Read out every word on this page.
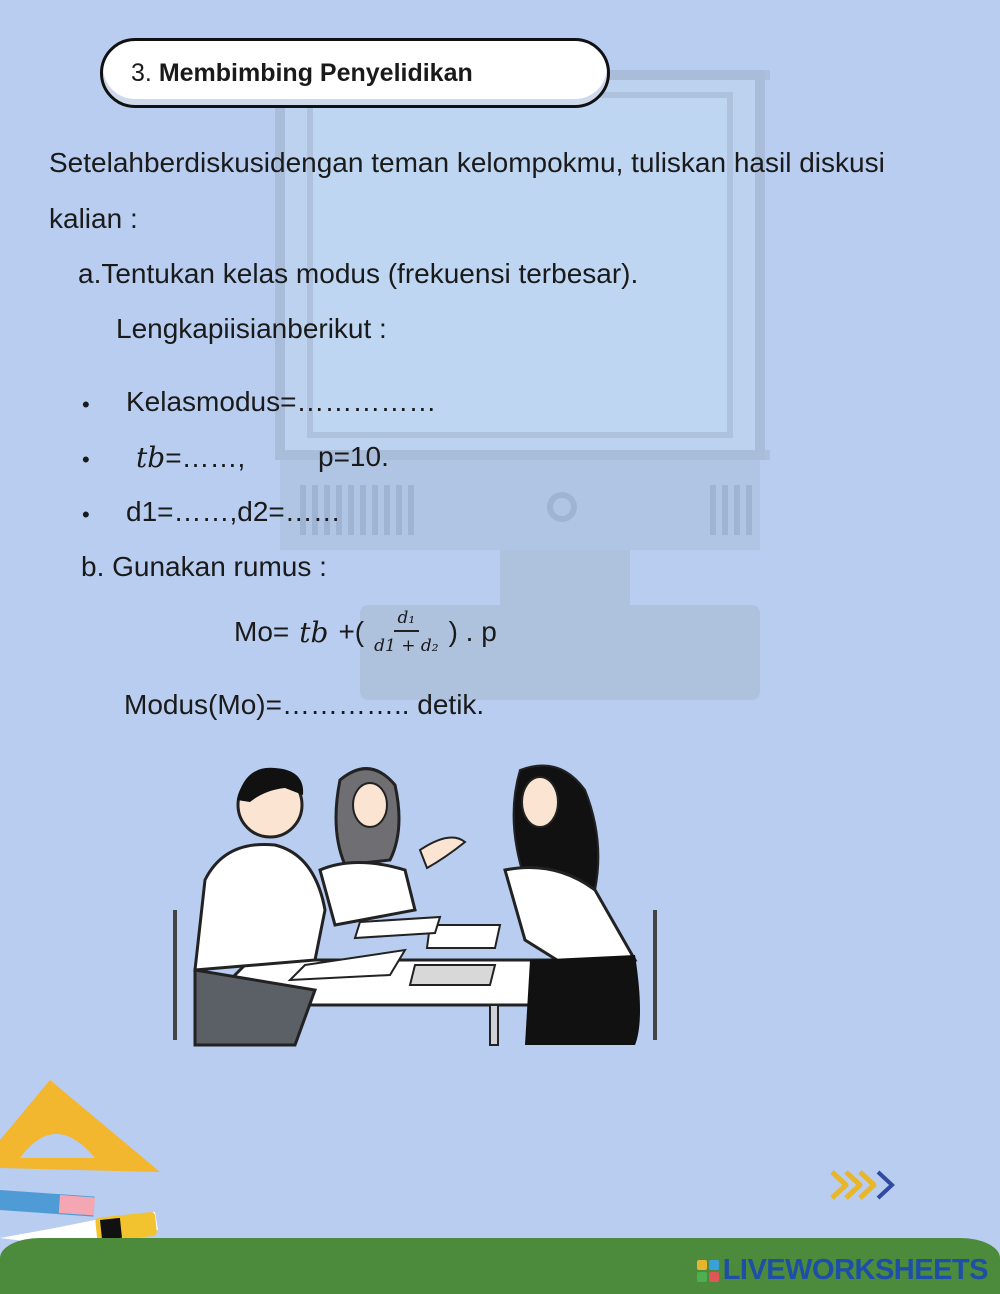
3. Membimbing Penyelidikan
Setelahberdiskusidengan teman kelompokmu, tuliskan hasil diskusi
kalian :
a.Tentukan kelas modus (frekuensi terbesar).
Lengkapiisianberikut :
• Kelasmodus=……………
• tb=……,	p=10.
• d1=……,d2=……
b. Gunakan rumus :
Mo= tb +( $\frac{\text{d₁}}{\text{d1 + d₂}}$ ) . p
Modus(Mo)=………….. detik.
LIVEWORKSHEETS
